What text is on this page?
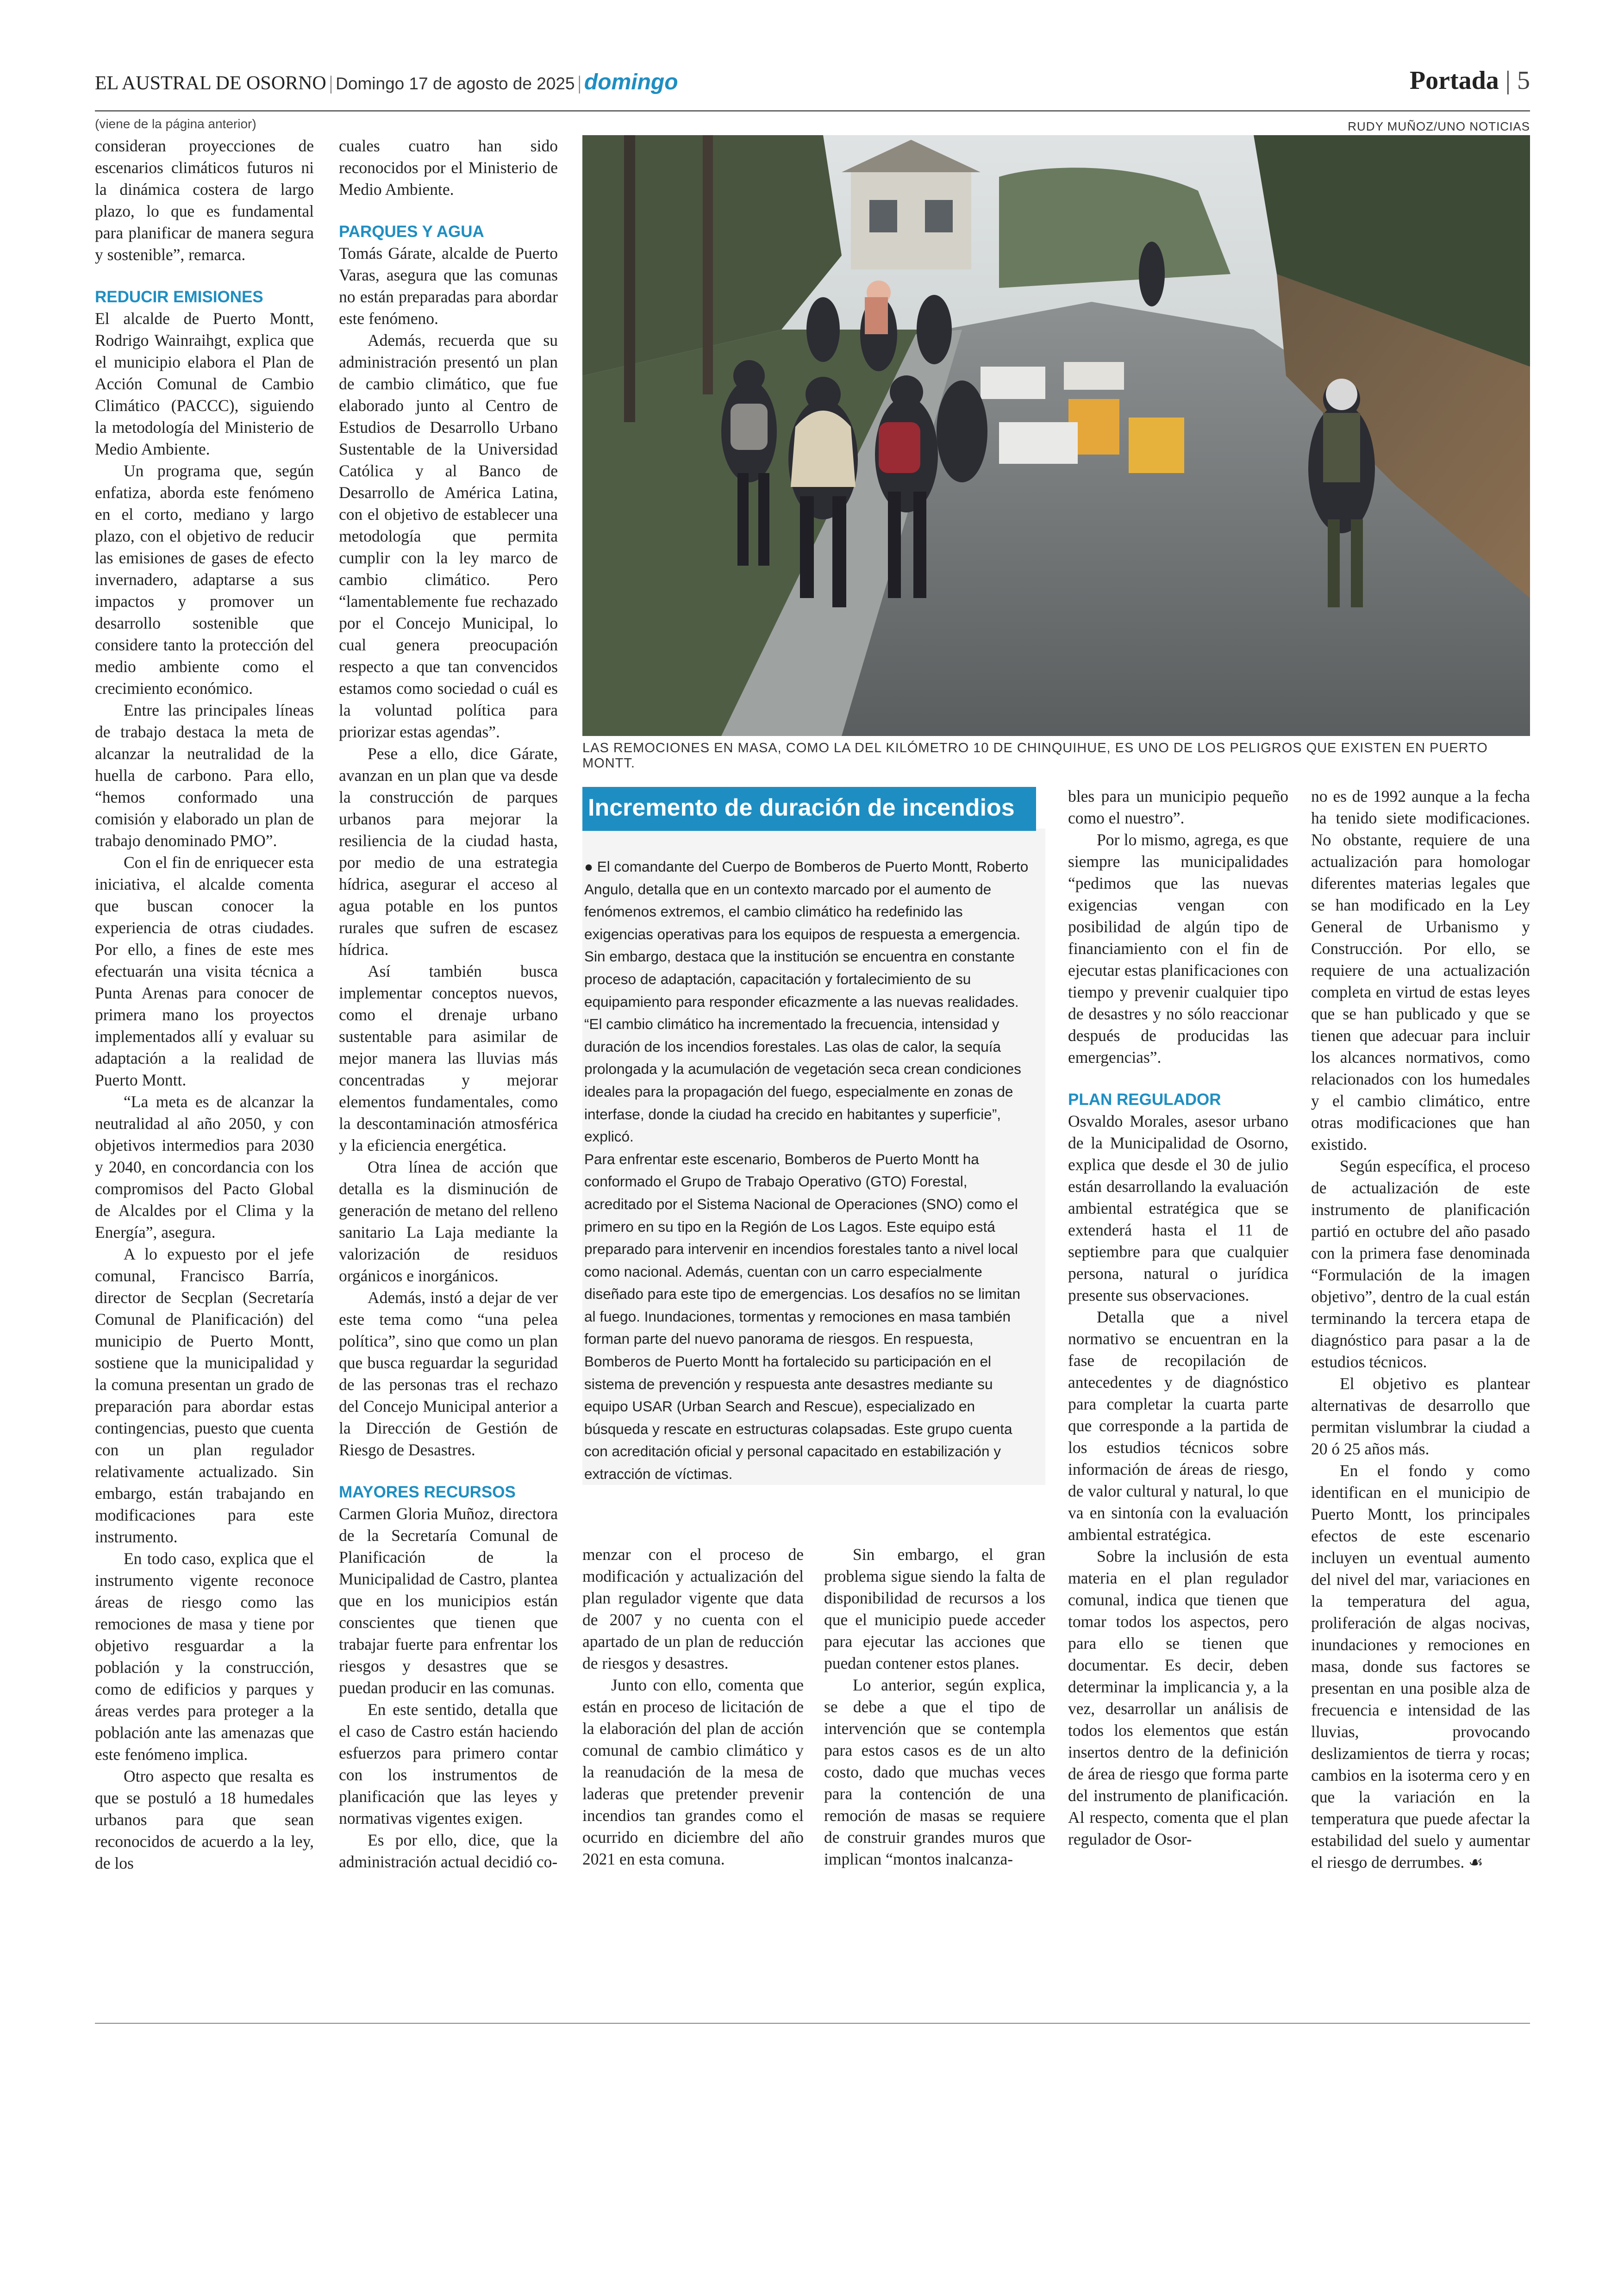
EL AUSTRAL DE OSORNO | Domingo 17 de agosto de 2025 | domingo	Portada | 5
(viene de la página anterior)	RUDY MUÑOZ/UNO NOTICIAS

consideran proyecciones de escenarios climáticos futuros ni la dinámica costera de largo plazo, lo que es fundamental para planificar de manera segura y sostenible”, remarca.

REDUCIR EMISIONES

El alcalde de Puerto Montt, Rodrigo Wainraihgt, explica que el municipio elabora el Plan de Acción Comunal de Cambio Climático (PACCC), siguiendo la metodología del Ministerio de Medio Ambiente.

Un programa que, según enfatiza, aborda este fenómeno en el corto, mediano y largo plazo, con el objetivo de reducir las emisiones de gases de efecto invernadero, adaptarse a sus impactos y promover un desarrollo sostenible que considere tanto la protección del medio ambiente como el crecimiento económico.

Entre las principales líneas de trabajo destaca la meta de alcanzar la neutralidad de la huella de carbono. Para ello, “hemos conformado una comisión y elaborado un plan de trabajo denominado PMO”.

Con el fin de enriquecer esta iniciativa, el alcalde comenta que buscan conocer la experiencia de otras ciudades. Por ello, a fines de este mes efectuarán una visita técnica a Punta Arenas para conocer de primera mano los proyectos implementados allí y evaluar su adaptación a la realidad de Puerto Montt.

“La meta es de alcanzar la neutralidad al año 2050, y con objetivos intermedios para 2030 y 2040, en concordancia con los compromisos del Pacto Global de Alcaldes por el Clima y la Energía”, asegura.

A lo expuesto por el jefe comunal, Francisco Barría, director de Secplan (Secretaría Comunal de Planificación) del municipio de Puerto Montt, sostiene que la municipalidad y la comuna presentan un grado de preparación para abordar estas contingencias, puesto que cuenta con un plan regulador relativamente actualizado. Sin embargo, están trabajando en modificaciones para este instrumento.

En todo caso, explica que el instrumento vigente reconoce áreas de riesgo como las remociones de masa y tiene por objetivo resguardar a la población y la construcción, como de edificios y parques y áreas verdes para proteger a la población ante las amenazas que este fenómeno implica.

Otro aspecto que resalta es que se postuló a 18 humedales urbanos para que sean reconocidos de acuerdo a la ley, de los

cuales cuatro han sido reconocidos por el Ministerio de Medio Ambiente.

PARQUES Y AGUA

Tomás Gárate, alcalde de Puerto Varas, asegura que las comunas no están preparadas para abordar este fenómeno.

Además, recuerda que su administración presentó un plan de cambio climático, que fue elaborado junto al Centro de Estudios de Desarrollo Urbano Sustentable de la Universidad Católica y al Banco de Desarrollo de América Latina, con el objetivo de establecer una metodología que permita cumplir con la ley marco de cambio climático. Pero “lamentablemente fue rechazado por el Concejo Municipal, lo cual genera preocupación respecto a que tan convencidos estamos como sociedad o cuál es la voluntad política para priorizar estas agendas”.

Pese a ello, dice Gárate, avanzan en un plan que va desde la construcción de parques urbanos para mejorar la resiliencia de la ciudad hasta, por medio de una estrategia hídrica, asegurar el acceso al agua potable en los puntos rurales que sufren de escasez hídrica.

Así también busca implementar conceptos nuevos, como el drenaje urbano sustentable para asimilar de mejor manera las lluvias más concentradas y mejorar elementos fundamentales, como la descontaminación atmosférica y la eficiencia energética.

Otra línea de acción que detalla es la disminución de generación de metano del relleno sanitario La Laja mediante la valorización de residuos orgánicos e inorgánicos.

Además, instó a dejar de ver este tema como “una pelea política”, sino que como un plan que busca reguardar la seguridad de las personas tras el rechazo del Concejo Municipal anterior a la Dirección de Gestión de Riesgo de Desastres.

MAYORES RECURSOS

Carmen Gloria Muñoz, directora de la Secretaría Comunal de Planificación de la Municipalidad de Castro, plantea que en los municipios están conscientes que tienen que trabajar fuerte para enfrentar los riesgos y desastres que se puedan producir en las comunas.

En este sentido, detalla que el caso de Castro están haciendo esfuerzos para primero contar con los instrumentos de planificación que las leyes y normativas vigentes exigen.

Es por ello, dice, que la administración actual decidió co-

LAS REMOCIONES EN MASA, COMO LA DEL KILÓMETRO 10 DE CHINQUIHUE, ES UNO DE LOS PELIGROS QUE EXISTEN EN PUERTO MONTT.
Incremento de duración de incendios

● El comandante del Cuerpo de Bomberos de Puerto Montt, Roberto Angulo, detalla que en un contexto marcado por el aumento de fenómenos extremos, el cambio climático ha redefinido las exigencias operativas para los equipos de respuesta a emergencia. Sin embargo, destaca que la institución se encuentra en constante proceso de adaptación, capacitación y fortalecimiento de su equipamiento para responder eficazmente a las nuevas realidades. “El cambio climático ha incrementado la frecuencia, intensidad y duración de los incendios forestales. Las olas de calor, la sequía prolongada y la acumulación de vegetación seca crean condiciones ideales para la propagación del fuego, especialmente en zonas de interfase, donde la ciudad ha crecido en habitantes y superficie”, explicó.

Para enfrentar este escenario, Bomberos de Puerto Montt ha conformado el Grupo de Trabajo Operativo (GTO) Forestal, acreditado por el Sistema Nacional de Operaciones (SNO) como el primero en su tipo en la Región de Los Lagos. Este equipo está preparado para intervenir en incendios forestales tanto a nivel local como nacional. Además, cuentan con un carro especialmente diseñado para este tipo de emergencias. Los desafíos no se limitan al fuego. Inundaciones, tormentas y remociones en masa también forman parte del nuevo panorama de riesgos. En respuesta, Bomberos de Puerto Montt ha fortalecido su participación en el sistema de prevención y respuesta ante desastres mediante su equipo USAR (Urban Search and Rescue), especializado en búsqueda y rescate en estructuras colapsadas. Este grupo cuenta con acreditación oficial y personal capacitado en estabilización y extracción de víctimas.

menzar con el proceso de modificación y actualización del plan regulador vigente que data de 2007 y no cuenta con el apartado de un plan de reducción de riesgos y desastres.

Junto con ello, comenta que están en proceso de licitación de la elaboración del plan de acción comunal de cambio climático y la reanudación de la mesa de laderas que pretender prevenir incendios tan grandes como el ocurrido en diciembre del año 2021 en esta comuna.

Sin embargo, el gran problema sigue siendo la falta de disponibilidad de recursos a los que el municipio puede acceder para ejecutar las acciones que puedan contener estos planes.

Lo anterior, según explica, se debe a que el tipo de intervención que se contempla para estos casos es de un alto costo, dado que muchas veces para la contención de una remoción de masas se requiere de construir grandes muros que implican “montos inalcanza-

bles para un municipio pequeño como el nuestro”.

Por lo mismo, agrega, es que siempre las municipalidades “pedimos que las nuevas exigencias vengan con posibilidad de algún tipo de financiamiento con el fin de ejecutar estas planificaciones con tiempo y prevenir cualquier tipo de desastres y no sólo reaccionar después de producidas las emergencias”.

PLAN REGULADOR

Osvaldo Morales, asesor urbano de la Municipalidad de Osorno, explica que desde el 30 de julio están desarrollando la evaluación ambiental estratégica que se extenderá hasta el 11 de septiembre para que cualquier persona, natural o jurídica presente sus observaciones.

Detalla que a nivel normativo se encuentran en la fase de recopilación de antecedentes y de diagnóstico para completar la cuarta parte que corresponde a la partida de los estudios técnicos sobre información de áreas de riesgo, de valor cultural y natural, lo que va en sintonía con la evaluación ambiental estratégica.

Sobre la inclusión de esta materia en el plan regulador comunal, indica que tienen que tomar todos los aspectos, pero para ello se tienen que documentar. Es decir, deben determinar la implicancia y, a la vez, desarrollar un análisis de todos los elementos que están insertos dentro de la definición de área de riesgo que forma parte del instrumento de planificación. Al respecto, comenta que el plan regulador de Osor-

no es de 1992 aunque a la fecha ha tenido siete modificaciones. No obstante, requiere de una actualización para homologar diferentes materias legales que se han modificado en la Ley General de Urbanismo y Construcción. Por ello, se requiere de una actualización completa en virtud de estas leyes que se han publicado y que se tienen que adecuar para incluir los alcances normativos, como relacionados con los humedales y el cambio climático, entre otras modificaciones que han existido.

Según específica, el proceso de actualización de este instrumento de planificación partió en octubre del año pasado con la primera fase denominada “Formulación de la imagen objetivo”, dentro de la cual están terminando la tercera etapa de diagnóstico para pasar a la de estudios técnicos.

El objetivo es plantear alternativas de desarrollo que permitan vislumbrar la ciudad a 20 ó 25 años más.

En el fondo y como identifican en el municipio de Puerto Montt, los principales efectos de este escenario incluyen un eventual aumento del nivel del mar, variaciones en la temperatura del agua, proliferación de algas nocivas, inundaciones y remociones en masa, donde sus factores se presentan en una posible alza de frecuencia e intensidad de las lluvias, provocando deslizamientos de tierra y rocas; cambios en la isoterma cero y en que la variación en la temperatura que puede afectar la estabilidad del suelo y aumentar el riesgo de derrumbes. ☙
